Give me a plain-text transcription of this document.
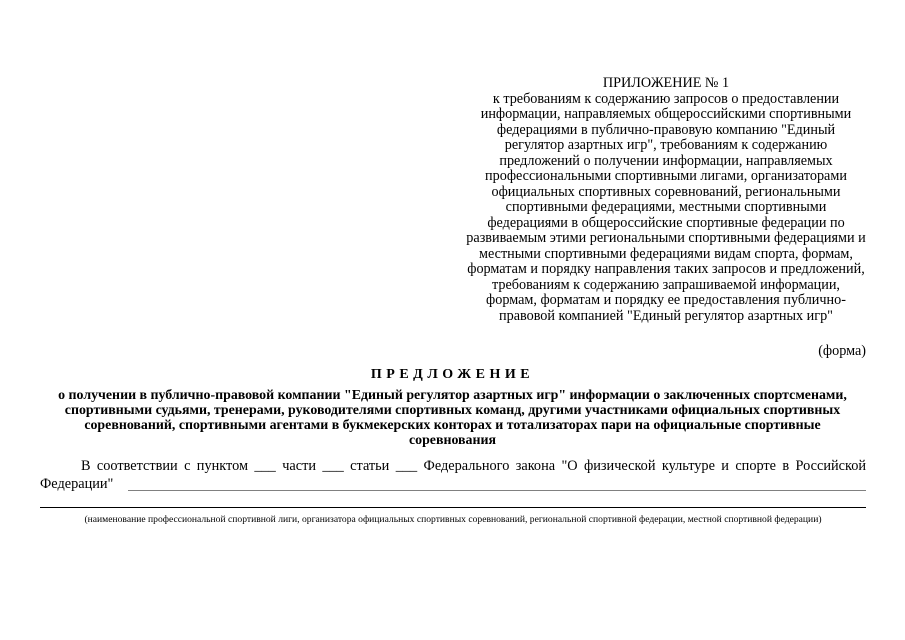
ПРИЛОЖЕНИЕ № 1
к требованиям к содержанию запросов о предоставлении информации, направляемых общероссийскими спортивными федерациями в публично-правовую компанию "Единый регулятор азартных игр", требованиям к содержанию предложений о получении информации, направляемых профессиональными спортивными лигами, организаторами официальных спортивных соревнований, региональными спортивными федерациями, местными спортивными федерациями в общероссийские спортивные федерации по развиваемым этими региональными спортивными федерациями и местными спортивными федерациями видам спорта, формам, форматам и порядку направления таких запросов и предложений, требованиям к содержанию запрашиваемой информации, формам, форматам и порядку ее предоставления публично-правовой компанией "Единый регулятор азартных игр"
(форма)
ПРЕДЛОЖЕНИЕ
о получении в публично-правовой компании "Единый регулятор азартных игр" информации о заключенных спортсменами, спортивными судьями, тренерами, руководителями спортивных команд, другими участниками официальных спортивных соревнований, спортивными агентами в букмекерских конторах и тотализаторах пари на официальные спортивные соревнования
В соответствии с пунктом ___ части ___ статьи ___ Федерального закона "О физической культуре и спорте в Российской Федерации"
(наименование профессиональной спортивной лиги, организатора официальных спортивных соревнований, региональной спортивной федерации, местной спортивной федерации)
